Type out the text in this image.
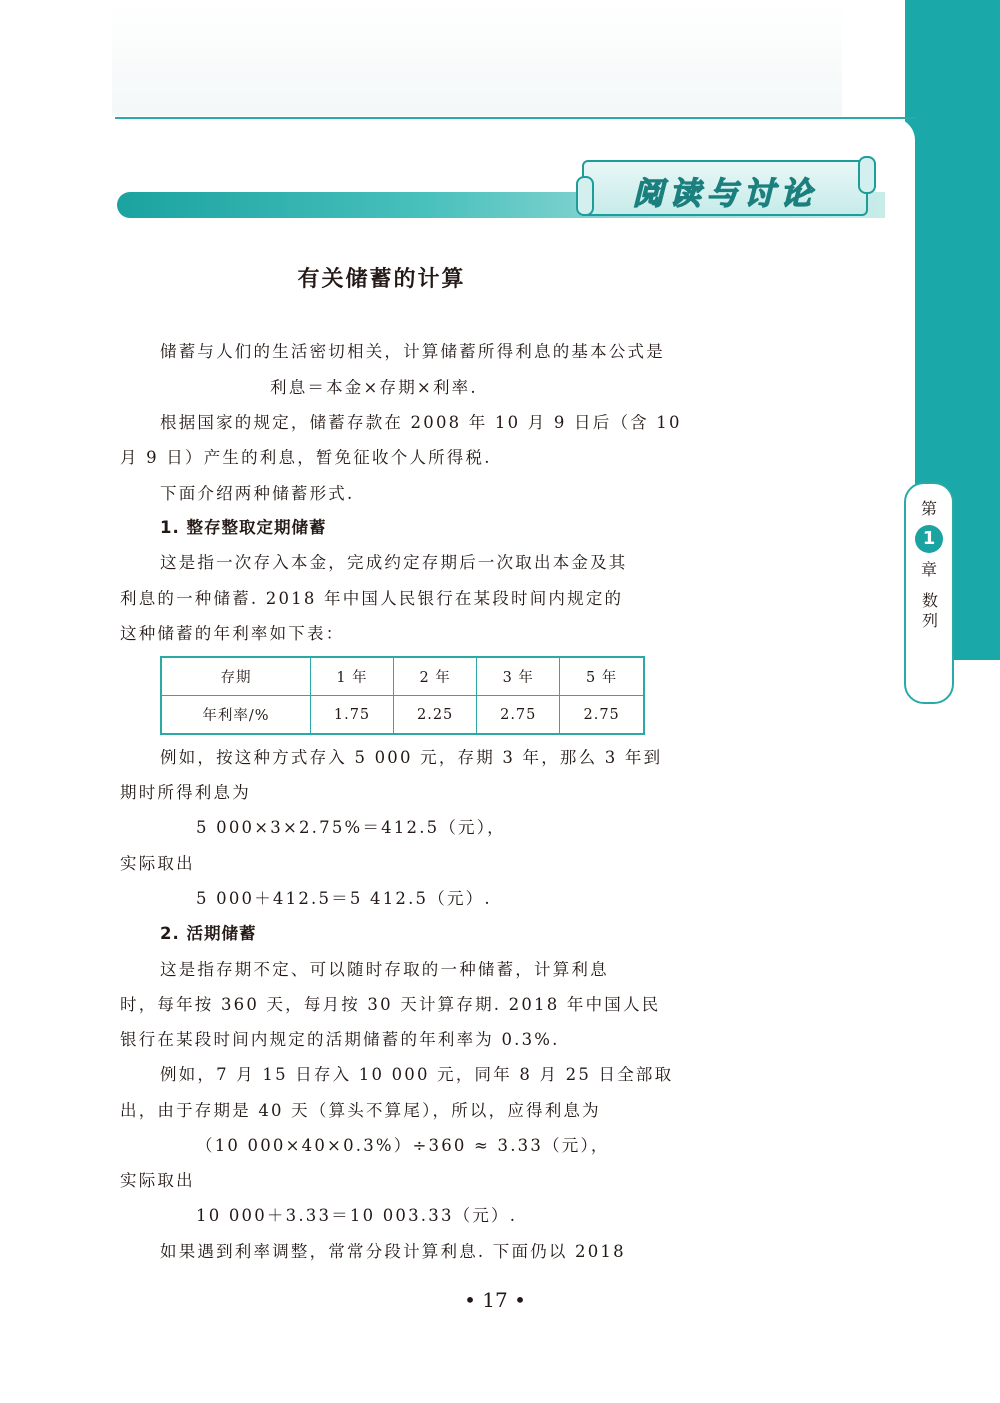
阅读与讨论
有关储蓄的计算
储蓄与人们的生活密切相关，计算储蓄所得利息的基本公式是
利息＝本金×存期×利率.
根据国家的规定，储蓄存款在 2008 年 10 月 9 日后（含 10
月 9 日）产生的利息，暂免征收个人所得税.
下面介绍两种储蓄形式.
1. 整存整取定期储蓄
这是指一次存入本金，完成约定存期后一次取出本金及其
利息的一种储蓄. 2018 年中国人民银行在某段时间内规定的
这种储蓄的年利率如下表：
存期	1 年	2 年	3 年	5 年
年利率/%	1.75	2.25	2.75	2.75
例如，按这种方式存入 5 000 元，存期 3 年，那么 3 年到
期时所得利息为
5 000×3×2.75%＝412.5（元），
实际取出
5 000＋412.5＝5 412.5（元）.
2. 活期储蓄
这是指存期不定、可以随时存取的一种储蓄，计算利息
时，每年按 360 天，每月按 30 天计算存期. 2018 年中国人民
银行在某段时间内规定的活期储蓄的年利率为 0.3%.
例如，7 月 15 日存入 10 000 元，同年 8 月 25 日全部取
出，由于存期是 40 天（算头不算尾），所以，应得利息为
（10 000×40×0.3%）÷360 ≈ 3.33（元），
实际取出
10 000＋3.33＝10 003.33（元）.
如果遇到利率调整，常常分段计算利息. 下面仍以 2018
第
1
章
数列
• 17 •
